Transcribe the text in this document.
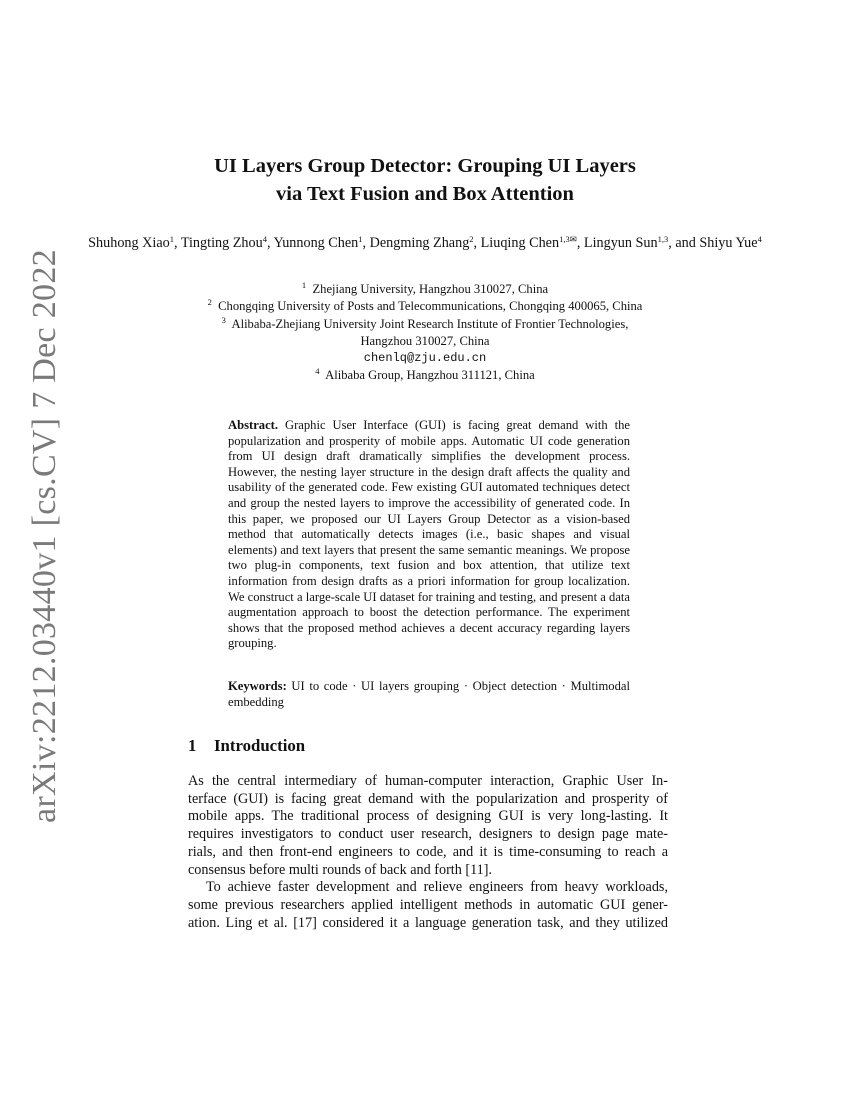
arXiv:2212.03440v1 [cs.CV] 7 Dec 2022
UI Layers Group Detector: Grouping UI Layers
via Text Fusion and Box Attention
Shuhong Xiao$^1$, Tingting Zhou$^4$, Yunnong Chen$^1$, Dengming Zhang$^2$, Liuqing Chen$^{1,3✉}$, Lingyun Sun$^{1,3}$, and Shiyu Yue$^4$
$^1$ Zhejiang University, Hangzhou 310027, China
$^2$ Chongqing University of Posts and Telecommunications, Chongqing 400065, China
$^3$ Alibaba-Zhejiang University Joint Research Institute of Frontier Technologies,
Hangzhou 310027, China
chenlq@zju.edu.cn
$^4$ Alibaba Group, Hangzhou 311121, China
Abstract. Graphic User Interface (GUI) is facing great demand with the popularization and prosperity of mobile apps. Automatic UI code generation from UI design draft dramatically simplifies the development process. However, the nesting layer structure in the design draft affects the quality and usability of the generated code. Few existing GUI automated techniques detect and group the nested layers to improve the accessibility of generated code. In this paper, we proposed our UI Layers Group Detector as a vision-based method that automatically detects images (i.e., basic shapes and visual elements) and text layers that present the same semantic meanings. We propose two plug-in components, text fusion and box attention, that utilize text information from design drafts as a priori information for group localization. We construct a large-scale UI dataset for training and testing, and present a data augmentation approach to boost the detection performance. The experiment shows that the proposed method achieves a decent accuracy regarding layers grouping.
Keywords: UI to code · UI layers grouping · Object detection · Multimodal embedding
1 Introduction
As the central intermediary of human-computer interaction, Graphic User In-
terface (GUI) is facing great demand with the popularization and prosperity of
mobile apps. The traditional process of designing GUI is very long-lasting. It
requires investigators to conduct user research, designers to design page mate-
rials, and then front-end engineers to code, and it is time-consuming to reach a
consensus before multi rounds of back and forth [11].
To achieve faster development and relieve engineers from heavy workloads,
some previous researchers applied intelligent methods in automatic GUI gener-
ation. Ling et al. [17] considered it a language generation task, and they utilized
